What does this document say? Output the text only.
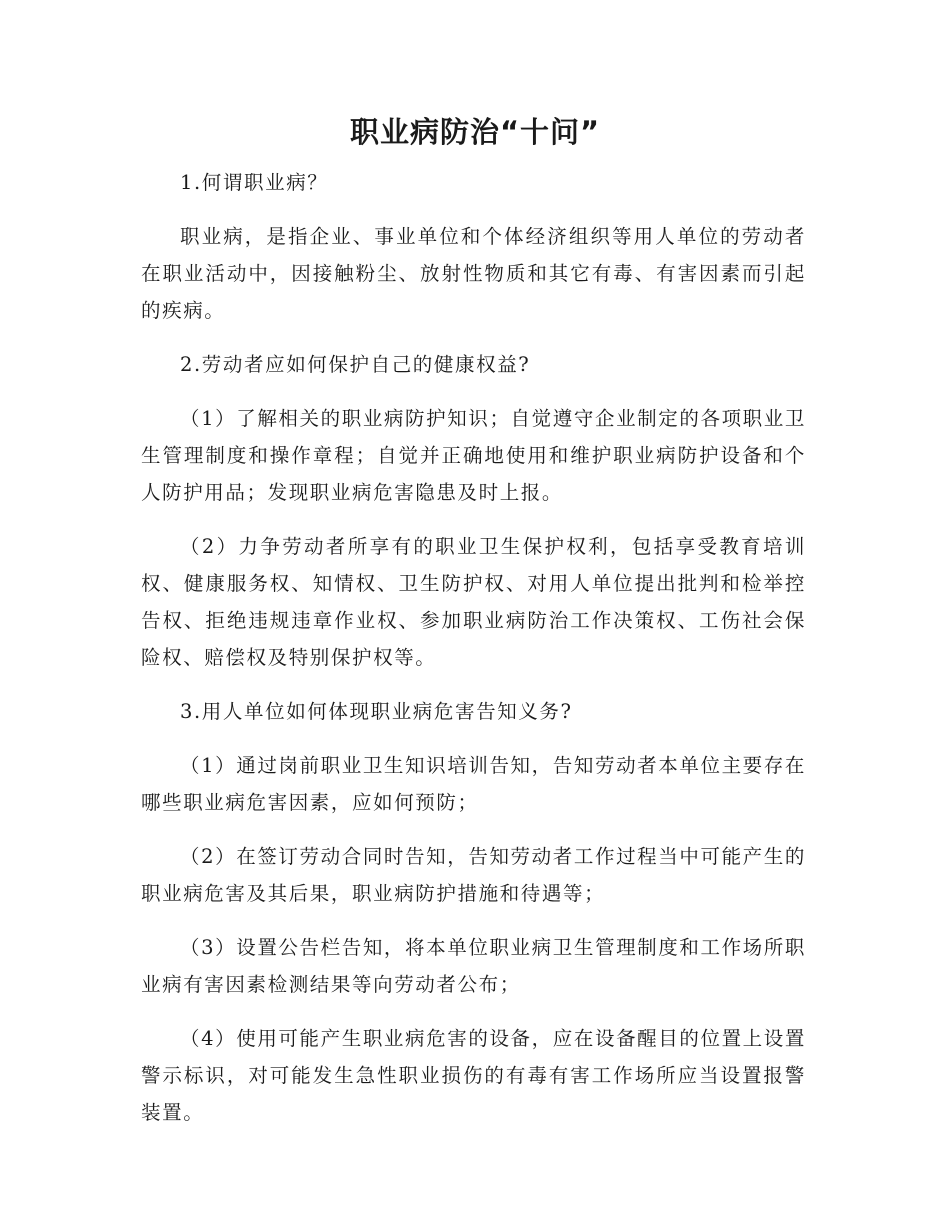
职业病防治“十问”

1.何谓职业病？

职业病，是指企业、事业单位和个体经济组织等用人单位的劳动者在职业活动中，因接触粉尘、放射性物质和其它有毒、有害因素而引起的疾病。

2.劳动者应如何保护自己的健康权益?

（1）了解相关的职业病防护知识；自觉遵守企业制定的各项职业卫生管理制度和操作章程；自觉并正确地使用和维护职业病防护设备和个人防护用品；发现职业病危害隐患及时上报。

（2）力争劳动者所享有的职业卫生保护权利，包括享受教育培训权、健康服务权、知情权、卫生防护权、对用人单位提出批判和检举控告权、拒绝违规违章作业权、参加职业病防治工作决策权、工伤社会保险权、赔偿权及特别保护权等。

3.用人单位如何体现职业病危害告知义务?

（1）通过岗前职业卫生知识培训告知，告知劳动者本单位主要存在哪些职业病危害因素，应如何预防；

（2）在签订劳动合同时告知，告知劳动者工作过程当中可能产生的职业病危害及其后果，职业病防护措施和待遇等；

（3）设置公告栏告知，将本单位职业病卫生管理制度和工作场所职业病有害因素检测结果等向劳动者公布；

（4）使用可能产生职业病危害的设备，应在设备醒目的位置上设置警示标识，对可能发生急性职业损伤的有毒有害工作场所应当设置报警装置。
